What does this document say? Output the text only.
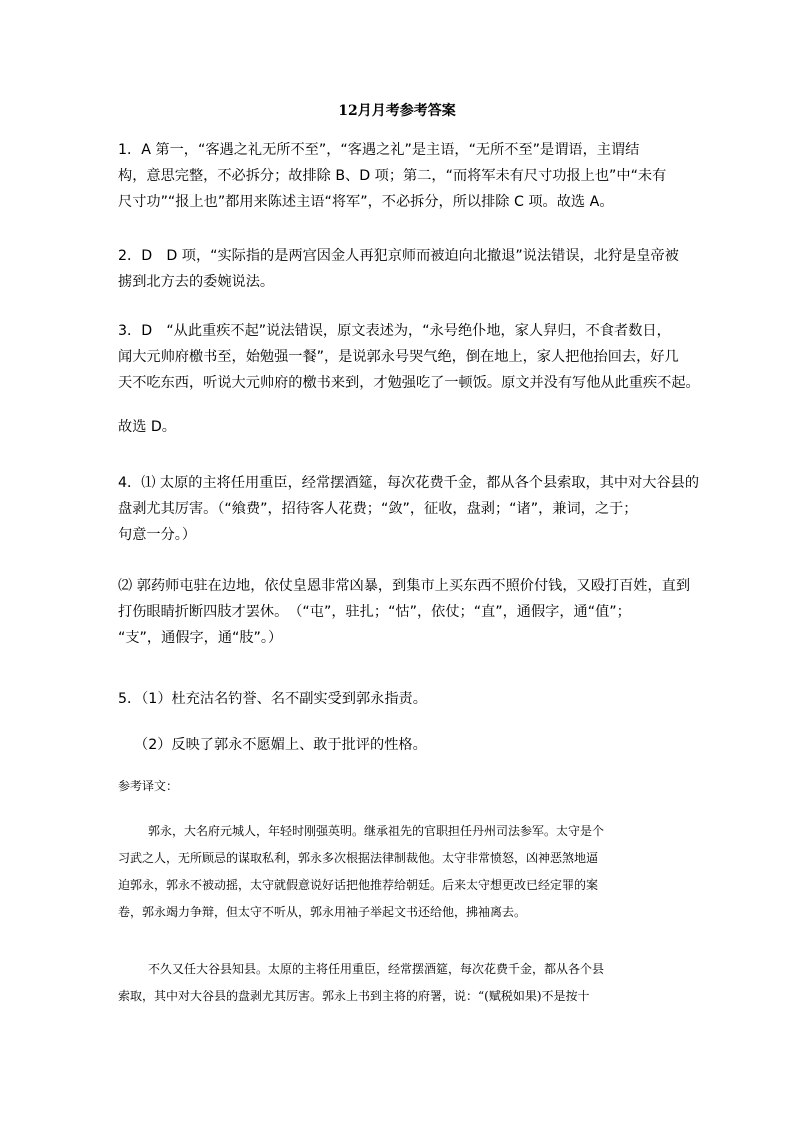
12月月考参考答案
1．A 第一，“客遇之礼无所不至”，“客遇之礼”是主语，“无所不至”是谓语，主谓结
构，意思完整，不必拆分；故排除 B、D 项；第二，“而将军未有尺寸功报上也”中“未有
尺寸功”“报上也”都用来陈述主语“将军”，不必拆分，所以排除 C 项。故选 A。
2．D　D 项，“实际指的是两宫因金人再犯京师而被迫向北撤退”说法错误，北狩是皇帝被
掳到北方去的委婉说法。
3．D　“从此重疾不起”说法错误，原文表述为，“永号绝仆地，家人舁归，不食者数日，
闻大元帅府檄书至，始勉强一餐”，是说郭永号哭气绝，倒在地上，家人把他抬回去，好几
天不吃东西，听说大元帅府的檄书来到，才勉强吃了一顿饭。原文并没有写他从此重疾不起。
故选 D。
4．⑴ 太原的主将任用重臣，经常摆酒筵，每次花费千金，都从各个县索取，其中对大谷县的
盘剥尤其厉害。（“飨费”，招待客人花费；“敛”，征收，盘剥；“诸”，兼词，之于；
句意一分。）
⑵ 郭药师屯驻在边地，依仗皇恩非常凶暴，到集市上买东西不照价付钱，又殴打百姓，直到
打伤眼睛折断四肢才罢休。　（“屯”，驻扎；“怙”，依仗；“直”，通假字，通“值”；
“支”，通假字，通“肢”。）
5．（1）杜充沽名钓誉、名不副实受到郭永指责。
（2）反映了郭永不愿媚上、敢于批评的性格。
参考译文：
郭永，大名府元城人，年轻时刚强英明。继承祖先的官职担任丹州司法参军。太守是个
习武之人，无所顾忌的谋取私利，郭永多次根据法律制裁他。太守非常愤怒，凶神恶煞地逼
迫郭永，郭永不被动摇，太守就假意说好话把他推荐给朝廷。后来太守想更改已经定罪的案
卷，郭永竭力争辩，但太守不听从，郭永用袖子举起文书还给他，拂袖离去。
不久又任大谷县知县。太原的主将任用重臣，经常摆酒筵，每次花费千金，都从各个县
索取，其中对大谷县的盘剥尤其厉害。郭永上书到主将的府署，说：“(赋税如果)不是按十
